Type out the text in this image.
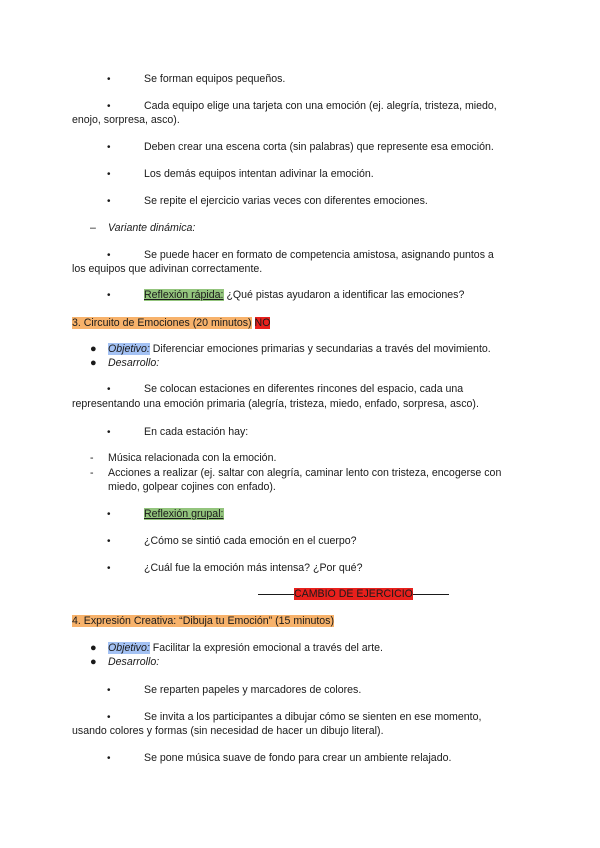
•	Se forman equipos pequeños.
•	Cada equipo elige una tarjeta con una emoción (ej. alegría, tristeza, miedo,
enojo, sorpresa, asco).
•	Deben crear una escena corta (sin palabras) que represente esa emoción.
•	Los demás equipos intentan adivinar la emoción.
•	Se repite el ejercicio varias veces con diferentes emociones.
– Variante dinámica:
•	Se puede hacer en formato de competencia amistosa, asignando puntos a
los equipos que adivinan correctamente.
•	Reflexión rápida: ¿Qué pistas ayudaron a identificar las emociones?
3. Circuito de Emociones (20 minutos) NO
● Objetivo: Diferenciar emociones primarias y secundarias a través del movimiento.
● Desarrollo:
•	Se colocan estaciones en diferentes rincones del espacio, cada una
representando una emoción primaria (alegría, tristeza, miedo, enfado, sorpresa, asco).
•	En cada estación hay:
- Música relacionada con la emoción.
- Acciones a realizar (ej. saltar con alegría, caminar lento con tristeza, encogerse con
miedo, golpear cojines con enfado).
•	Reflexión grupal:
•	¿Cómo se sintió cada emoción en el cuerpo?
•	¿Cuál fue la emoción más intensa? ¿Por qué?
CAMBIO DE EJERCICIO
4. Expresión Creativa: “Dibuja tu Emoción” (15 minutos)
● Objetivo: Facilitar la expresión emocional a través del arte.
● Desarrollo:
•	Se reparten papeles y marcadores de colores.
•	Se invita a los participantes a dibujar cómo se sienten en ese momento,
usando colores y formas (sin necesidad de hacer un dibujo literal).
•	Se pone música suave de fondo para crear un ambiente relajado.
